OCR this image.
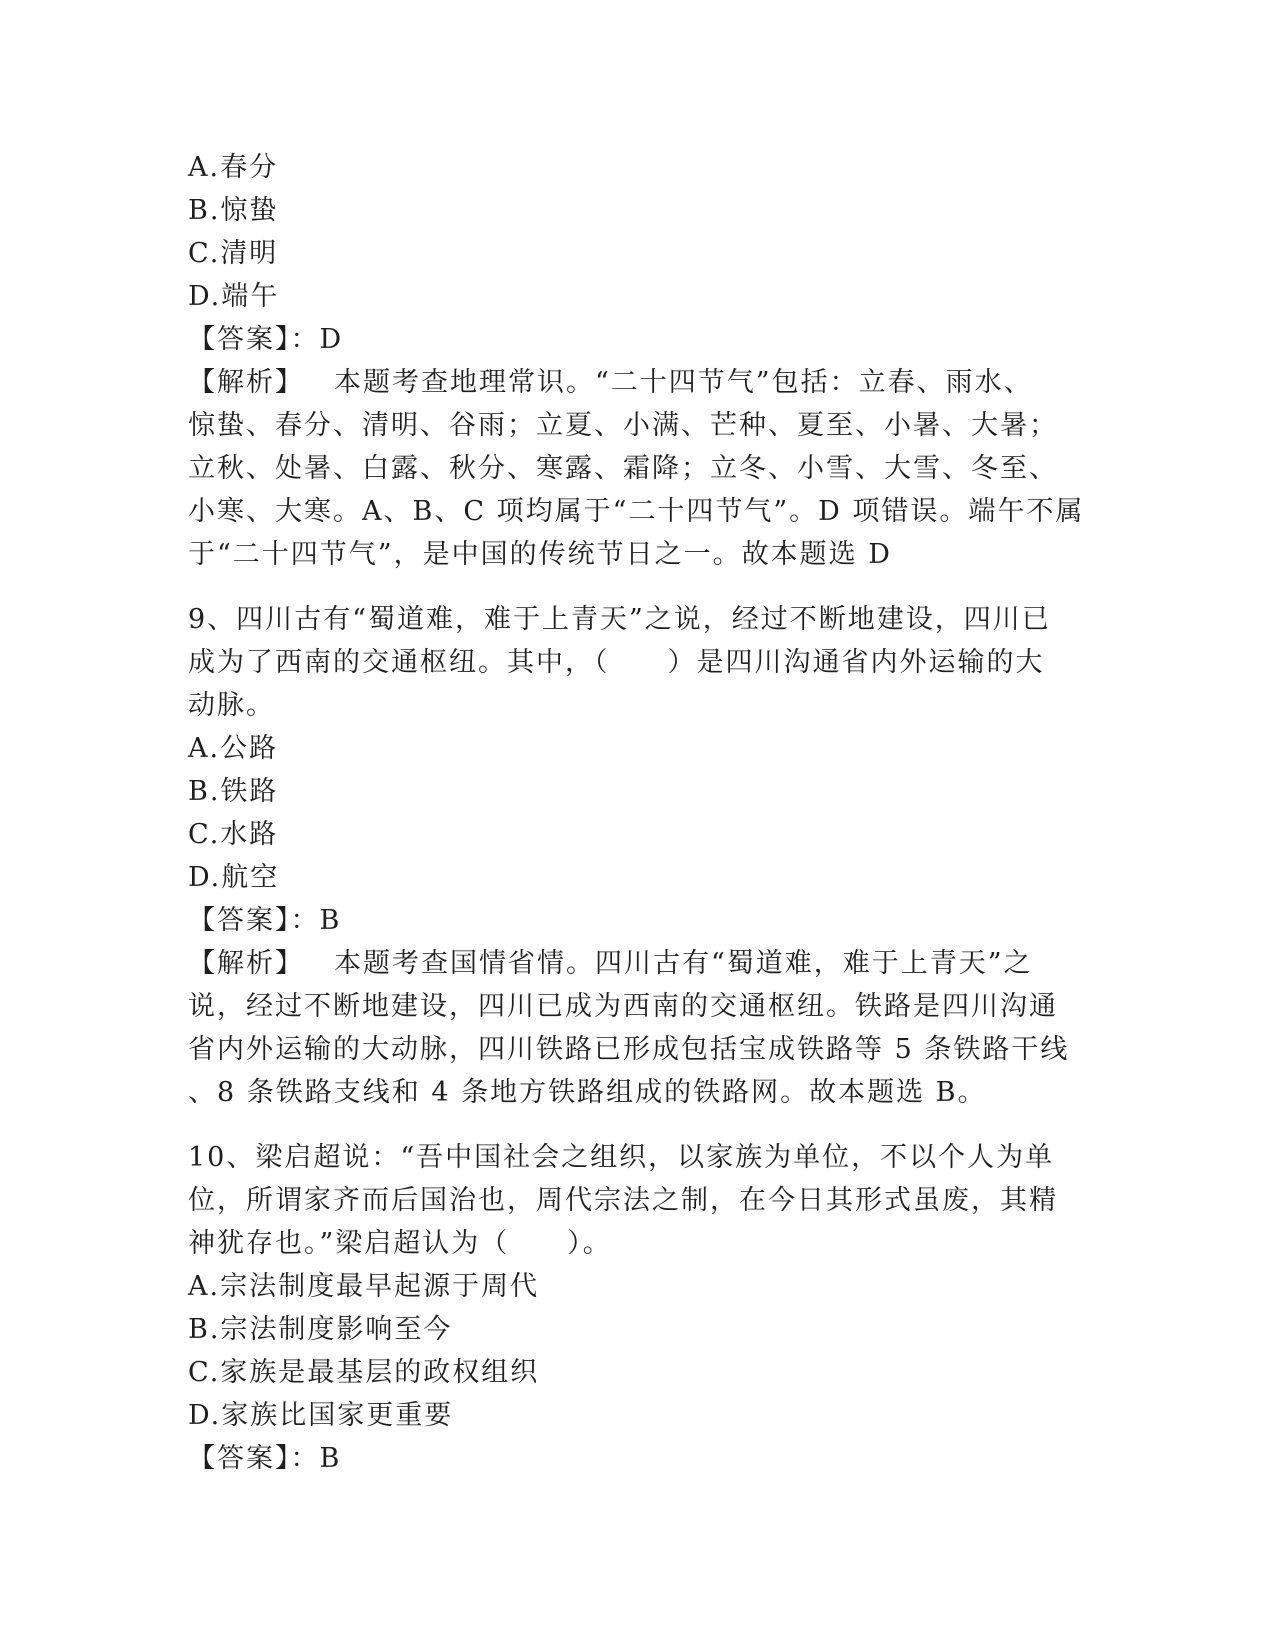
A.春分
B.惊蛰
C.清明
D.端午
【答案】：D
【解析】 本题考查地理常识。“二十四节气”包括：立春、雨水、
惊蛰、春分、清明、谷雨；立夏、小满、芒种、夏至、小暑、大暑；
立秋、处暑、白露、秋分、寒露、霜降；立冬、小雪、大雪、冬至、
小寒、大寒。A、B、C 项均属于“二十四节气”。D 项错误。端午不属
于“二十四节气”，是中国的传统节日之一。故本题选 D
9、四川古有“蜀道难，难于上青天”之说，经过不断地建设，四川已
成为了西南的交通枢纽。其中，（　　）是四川沟通省内外运输的大
动脉。
A.公路
B.铁路
C.水路
D.航空
【答案】：B
【解析】 本题考查国情省情。四川古有“蜀道难，难于上青天”之
说，经过不断地建设，四川已成为西南的交通枢纽。铁路是四川沟通
省内外运输的大动脉，四川铁路已形成包括宝成铁路等 5 条铁路干线
、8 条铁路支线和 4 条地方铁路组成的铁路网。故本题选 B。
10、梁启超说：“吾中国社会之组织，以家族为单位，不以个人为单
位，所谓家齐而后国治也，周代宗法之制，在今日其形式虽废，其精
神犹存也。”梁启超认为（　　）。
A.宗法制度最早起源于周代
B.宗法制度影响至今
C.家族是最基层的政权组织
D.家族比国家更重要
【答案】：B
